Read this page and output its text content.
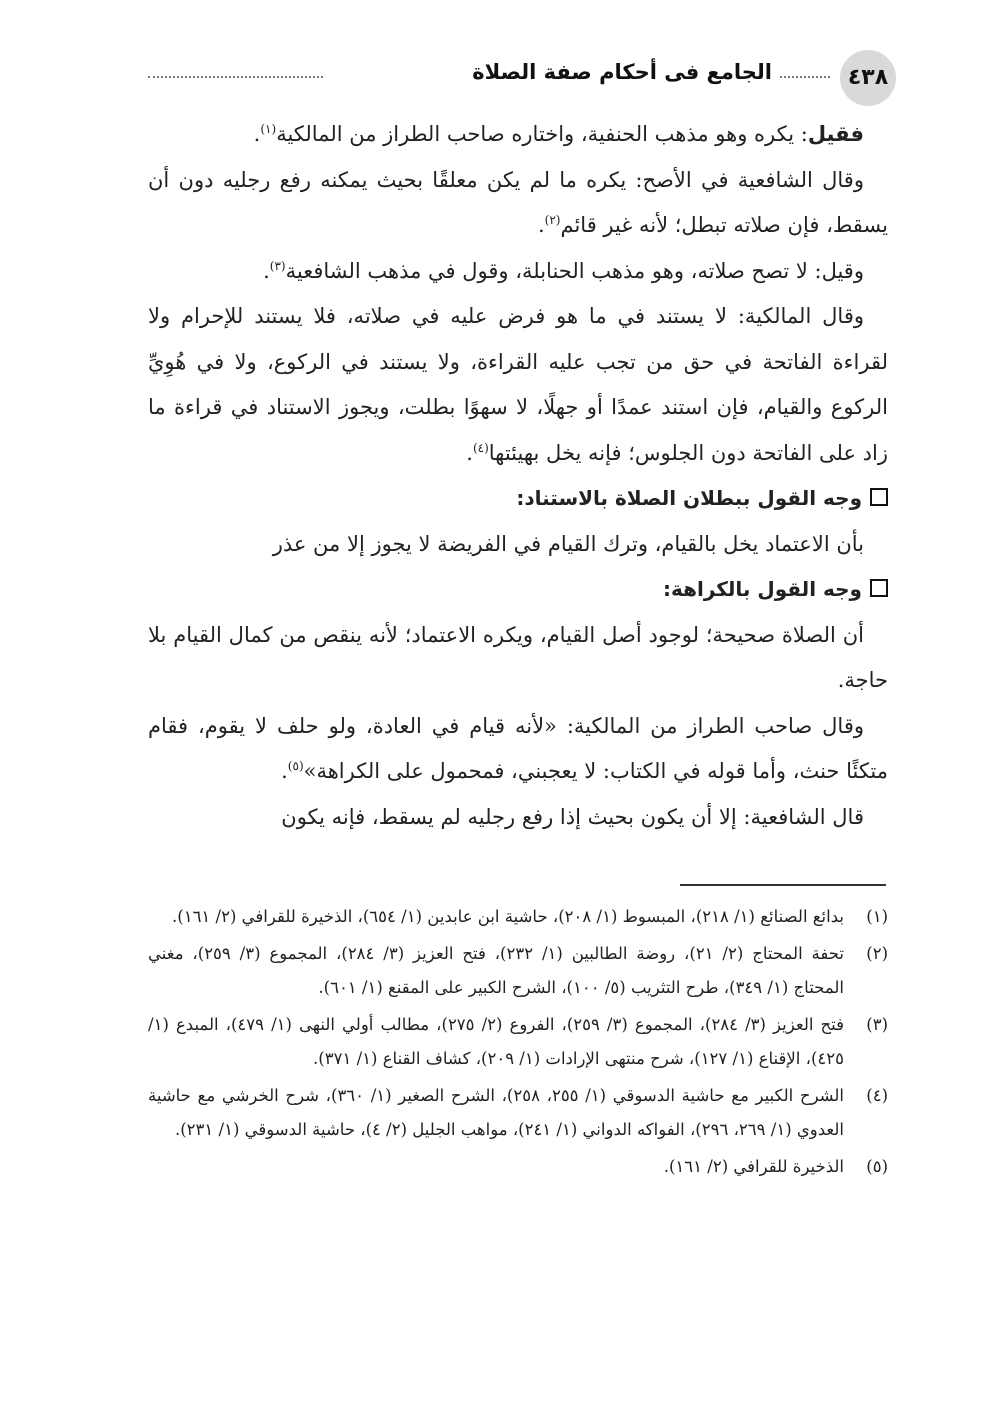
٤٣٨
الجامع فى أحكام صفة الصلاة

فقيل: يكره وهو مذهب الحنفية، واختاره صاحب الطراز من المالكية$^{(١)}$.

وقال الشافعية في الأصح: يكره ما لم يكن معلقًا بحيث يمكنه رفع رجليه دون أن يسقط، فإن صلاته تبطل؛ لأنه غير قائم$^{(٢)}$.

وقيل: لا تصح صلاته، وهو مذهب الحنابلة، وقول في مذهب الشافعية$^{(٣)}$.

وقال المالكية: لا يستند في ما هو فرض عليه في صلاته، فلا يستند للإحرام ولا لقراءة الفاتحة في حق من تجب عليه القراءة، ولا يستند في الركوع، ولا في هُوِيِّ الركوع والقيام، فإن استند عمدًا أو جهلًا، لا سهوًا بطلت، ويجوز الاستناد في قراءة ما زاد على الفاتحة دون الجلوس؛ فإنه يخل بهيئتها$^{(٤)}$.

وجه القول ببطلان الصلاة بالاستناد:

بأن الاعتماد يخل بالقيام، وترك القيام في الفريضة لا يجوز إلا من عذر

وجه القول بالكراهة:

أن الصلاة صحيحة؛ لوجود أصل القيام، ويكره الاعتماد؛ لأنه ينقص من كمال القيام بلا حاجة.

وقال صاحب الطراز من المالكية: «لأنه قيام في العادة، ولو حلف لا يقوم، فقام متكئًا حنث، وأما قوله في الكتاب: لا يعجبني، فمحمول على الكراهة»$^{(٥)}$.

قال الشافعية: إلا أن يكون بحيث إذا رفع رجليه لم يسقط، فإنه يكون

(١)
بدائع الصنائع (١/ ٢١٨)، المبسوط (١/ ٢٠٨)، حاشية ابن عابدين (١/ ٦٥٤)، الذخيرة للقرافي (٢/ ١٦١).
(٢)
تحفة المحتاج (٢/ ٢١)، روضة الطالبين (١/ ٢٣٢)، فتح العزيز (٣/ ٢٨٤)، المجموع (٣/ ٢٥٩)، مغني المحتاج (١/ ٣٤٩)، طرح التثريب (٥/ ١٠٠)، الشرح الكبير على المقنع (١/ ٦٠١).
(٣)
فتح العزيز (٣/ ٢٨٤)، المجموع (٣/ ٢٥٩)، الفروع (٢/ ٢٧٥)، مطالب أولي النهى (١/ ٤٧٩)، المبدع (١/ ٤٢٥)، الإقناع (١/ ١٢٧)، شرح منتهى الإرادات (١/ ٢٠٩)، كشاف القناع (١/ ٣٧١).
(٤)
الشرح الكبير مع حاشية الدسوقي (١/ ٢٥٥، ٢٥٨)، الشرح الصغير (١/ ٣٦٠)، شرح الخرشي مع حاشية العدوي (١/ ٢٦٩، ٢٩٦)، الفواكه الدواني (١/ ٢٤١)، مواهب الجليل (٢/ ٤)، حاشية الدسوقي (١/ ٢٣١).
(٥)
الذخيرة للقرافي (٢/ ١٦١).
